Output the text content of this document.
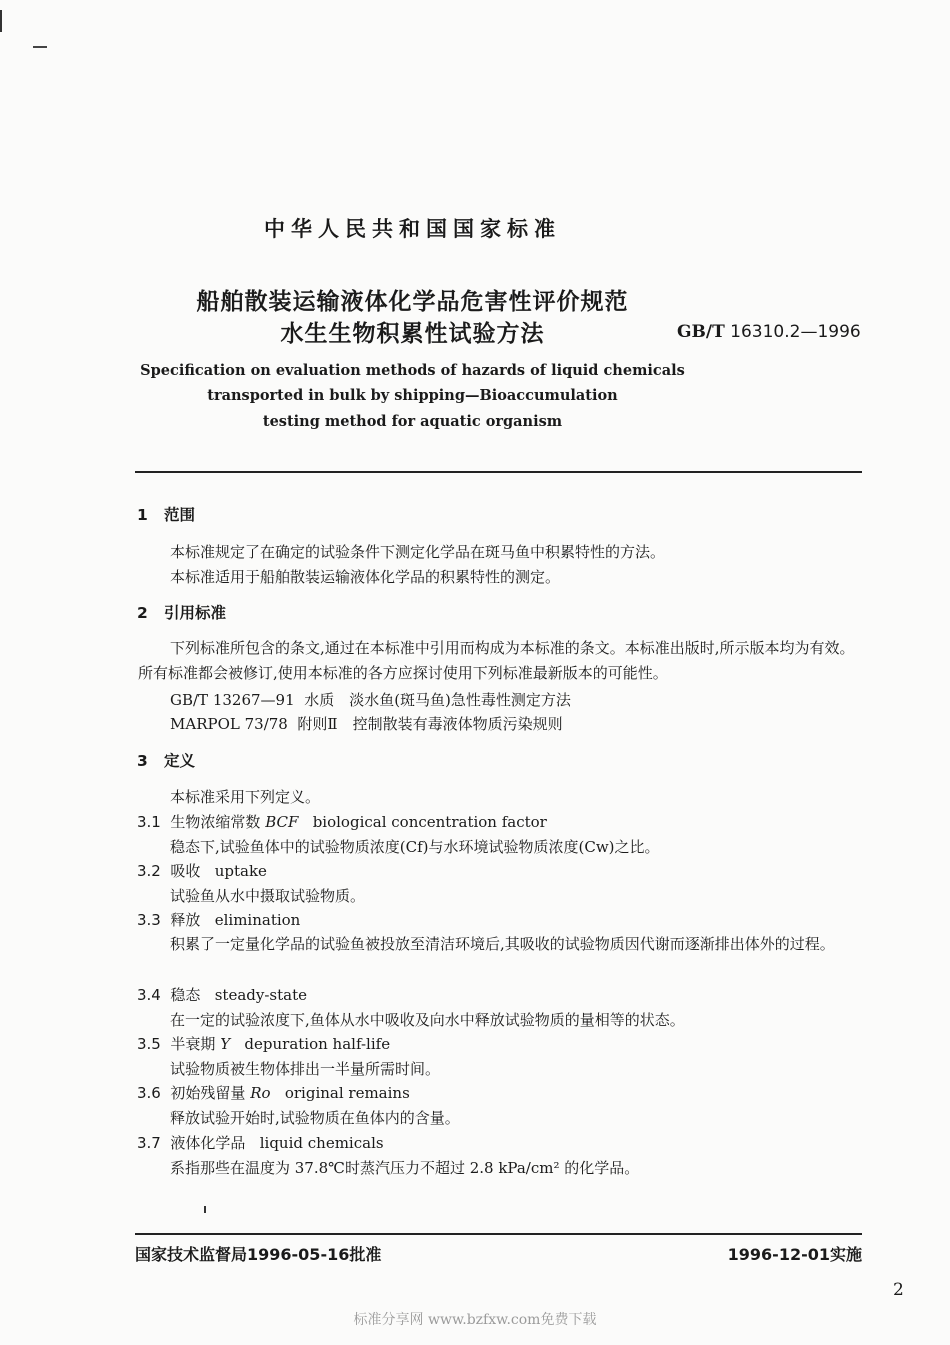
中华人民共和国国家标准
船舶散装运输液体化学品危害性评价规范
水生生物积累性试验方法	GB/T 16310.2—1996
Specification on evaluation methods of hazards of liquid chemicals
transported in bulk by shipping—Bioaccumulation
testing method for aquatic organism
1 范围
本标准规定了在确定的试验条件下测定化学品在斑马鱼中积累特性的方法。
本标准适用于船舶散装运输液体化学品的积累特性的测定。
2 引用标准
下列标准所包含的条文,通过在本标准中引用而构成为本标准的条文。本标准出版时,所示版本均为有效。所有标准都会被修订,使用本标准的各方应探讨使用下列标准最新版本的可能性。
GB/T 13267—91 水质　淡水鱼(斑马鱼)急性毒性测定方法
MARPOL 73/78 附则Ⅱ　控制散装有毒液体物质污染规则
3 定义
本标准采用下列定义。
3.1 生物浓缩常数 BCF biological concentration factor
稳态下,试验鱼体中的试验物质浓度(Cf)与水环境试验物质浓度(Cw)之比。
3.2 吸收 uptake
试验鱼从水中摄取试验物质。
3.3 释放 elimination
积累了一定量化学品的试验鱼被投放至清洁环境后,其吸收的试验物质因代谢而逐渐排出体外的过程。
3.4 稳态 steady-state
在一定的试验浓度下,鱼体从水中吸收及向水中释放试验物质的量相等的状态。
3.5 半衰期 Y depuration half-life
试验物质被生物体排出一半量所需时间。
3.6 初始残留量 Ro original remains
释放试验开始时,试验物质在鱼体内的含量。
3.7 液体化学品 liquid chemicals
系指那些在温度为 37.8℃时蒸汽压力不超过 2.8 kPa/cm² 的化学品。
国家技术监督局1996-05-16批准	1996-12-01实施
2
标准分享网 www.bzfxw.com免费下载
